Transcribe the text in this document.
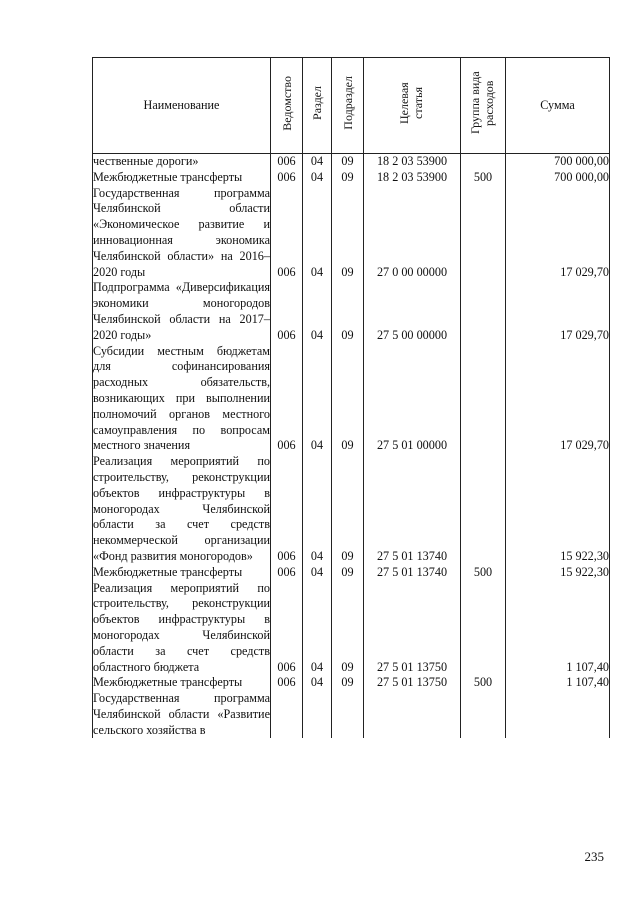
Наименование	Ведомство	Раздел	Подраздел	Целевая статья	Группа вида расходов	Сумма
чественные дороги»	006	04	09	18 2 03 53900		700 000,00
Межбюджетные трансферты	006	04	09	18 2 03 53900	500	700 000,00
Государственная программа Челябинской области «Экономическое развитие и инновационная экономика Челябинской области» на 2016–2020 годы	006	04	09	27 0 00 00000		17 029,70
Подпрограмма «Диверсификация экономики моногородов Челябинской области на 2017–2020 годы»	006	04	09	27 5 00 00000		17 029,70
Субсидии местным бюджетам для софинансирования расходных обязательств, возникающих при выполнении полномочий органов местного самоуправления по вопросам местного значения	006	04	09	27 5 01 00000		17 029,70
Реализация мероприятий по строительству, реконструкции объектов инфраструктуры в моногородах Челябинской области за счет средств некоммерческой организации «Фонд развития моногородов»	006	04	09	27 5 01 13740		15 922,30
Межбюджетные трансферты	006	04	09	27 5 01 13740	500	15 922,30
Реализация мероприятий по строительству, реконструкции объектов инфраструктуры в моногородах Челябинской области за счет средств областного бюджета	006	04	09	27 5 01 13750		1 107,40
Межбюджетные трансферты	006	04	09	27 5 01 13750	500	1 107,40
Государственная программа Челябинской области «Развитие сельского хозяйства в						
235
